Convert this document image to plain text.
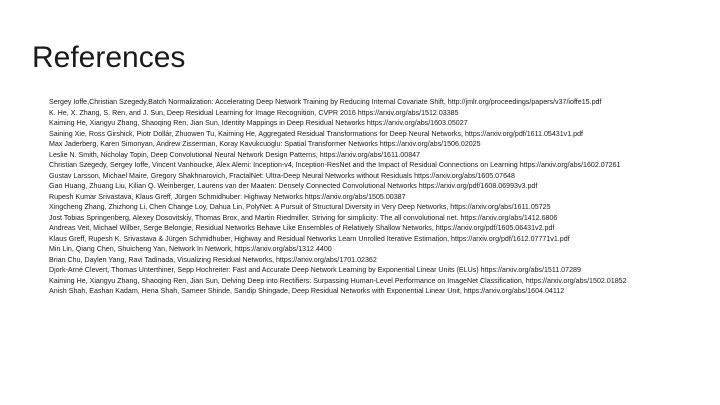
References
Sergey Ioffe,Christian Szegedy,Batch Normalization: Accelerating Deep Network Training by Reducing Internal Covariate Shift, http://jmlr.org/proceedings/papers/v37/ioffe15.pdf
K. He, X. Zhang, S. Ren, and J. Sun, Deep Residual Learning for Image Recognition, CVPR 2016 https://arxiv.org/abs/1512.03385
Kaiming He, Xiangyu Zhang, Shaoqing Ren, Jian Sun, Identity Mappings in Deep Residual Networks https://arxiv.org/abs/1603.05027
Saining Xie, Ross Girshick, Piotr Dollár, Zhuowen Tu, Kaiming He, Aggregated Residual Transformations for Deep Neural Networks, https://arxiv.org/pdf/1611.05431v1.pdf
Max Jaderberg, Karen Simonyan, Andrew Zisserman, Koray Kavukcuoglu: Spatial Transformer Networks https://arxiv.org/abs/1506.02025
Leslie N. Smith, Nicholay Topin, Deep Convolutional Neural Network Design Patterns, https://arxiv.org/abs/1611.00847
Christian Szegedy, Sergey Ioffe, Vincent Vanhoucke, Alex Alemi: Inception-v4, Inception-ResNet and the Impact of Residual Connections on Learning https://arxiv.org/abs/1602.07261
Gustav Larsson, Michael Maire, Gregory Shakhnarovich, FractalNet: Ultra-Deep Neural Networks without Residuals https://arxiv.org/abs/1605.07648
Gao Huang, Zhuang Liu, Kilian Q. Weinberger, Laurens van der Maaten: Densely Connected Convolutional Networks https://arxiv.org/pdf/1608.06993v3.pdf
Rupesh Kumar Srivastava, Klaus Greff, Jürgen Schmidhuber: Highway Networks https://arxiv.org/abs/1505.00387
Xingcheng Zhang, Zhizhong Li, Chen Change Loy, Dahua Lin, PolyNet: A Pursuit of Structural Diversity in Very Deep Networks, https://arxiv.org/abs/1611.05725
Jost Tobias Springenberg, Alexey Dosovitskiy, Thomas Brox, and Martin Riedmiller. Striving for simplicity: The all convolutional net. https://arxiv.org/abs/1412.6806
Andreas Veit, Michael Wilber, Serge Belongie, Residual Networks Behave Like Ensembles of Relatively Shallow Networks, https://arxiv.org/pdf/1605.06431v2.pdf
Klaus Greff, Rupesh K. Srivastava & Jürgen Schmidhuber, Highway and Residual Networks Learn Unrolled Iterative Estimation, https://arxiv.org/pdf/1612.07771v1.pdf
Min Lin, Qiang Chen, Shuicheng Yan, Network In Network, https://arxiv.org/abs/1312.4400
Brian Chu, Daylen Yang, Ravi Tadinada, Visualizing Residual Networks, https://arxiv.org/abs/1701.02362
Djork-Arné Clevert, Thomas Unterthiner, Sepp Hochreiter: Fast and Accurate Deep Network Learning by Exponential Linear Units (ELUs) https://arxiv.org/abs/1511.07289
Kaiming He, Xiangyu Zhang, Shaoqing Ren, Jian Sun, Delving Deep into Rectifiers: Surpassing Human-Level Performance on ImageNet Classification, https://arxiv.org/abs/1502.01852
Anish Shah, Eashan Kadam, Hena Shah, Sameer Shinde, Sandip Shingade, Deep Residual Networks with Exponential Linear Unit, https://arxiv.org/abs/1604.04112
